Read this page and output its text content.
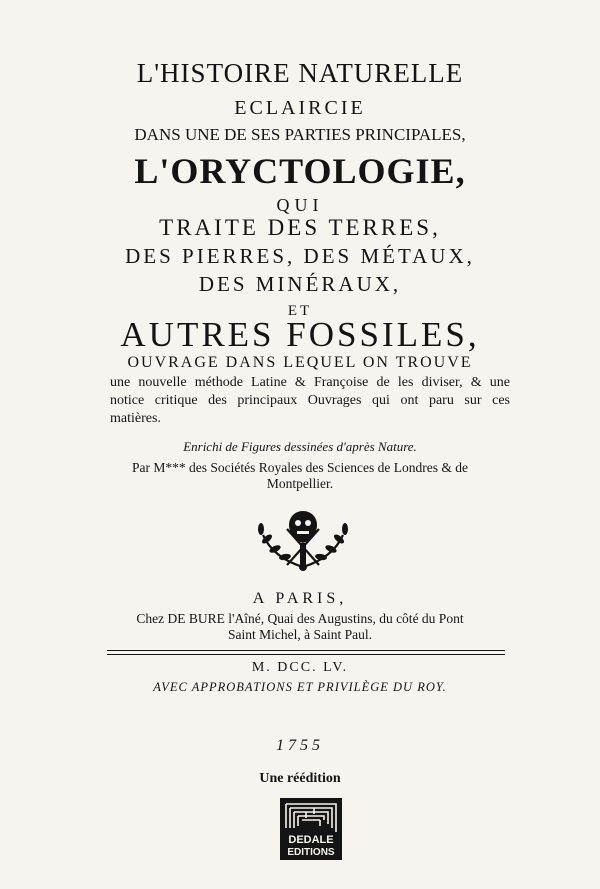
L'HISTOIRE NATURELLE
ECLAIRCIE
DANS UNE DE SES PARTIES PRINCIPALES,
L'ORYCTOLOGIE,
QUI
TRAITE DES TERRES,
DES PIERRES, DES MÉTAUX,
DES MINÉRAUX,
ET
AUTRES FOSSILES,
OUVRAGE DANS LEQUEL ON TROUVE
une nouvelle méthode Latine & Françoise de les diviser, & une
notice critique des principaux Ouvrages qui ont paru sur ces
matières.
Enrichi de Figures dessinées d'après Nature.
Par M*** des Sociétés Royales des Sciences de Londres & de
Montpellier.
A PARIS,
Chez DE BURE l'Aîné, Quai des Augustins, du côté du Pont
Saint Michel, à Saint Paul.
M. DCC. LV.
AVEC APPROBATIONS ET PRIVILÈGE DU ROY.
1755
Une réédition
DEDALE
EDITIONS
